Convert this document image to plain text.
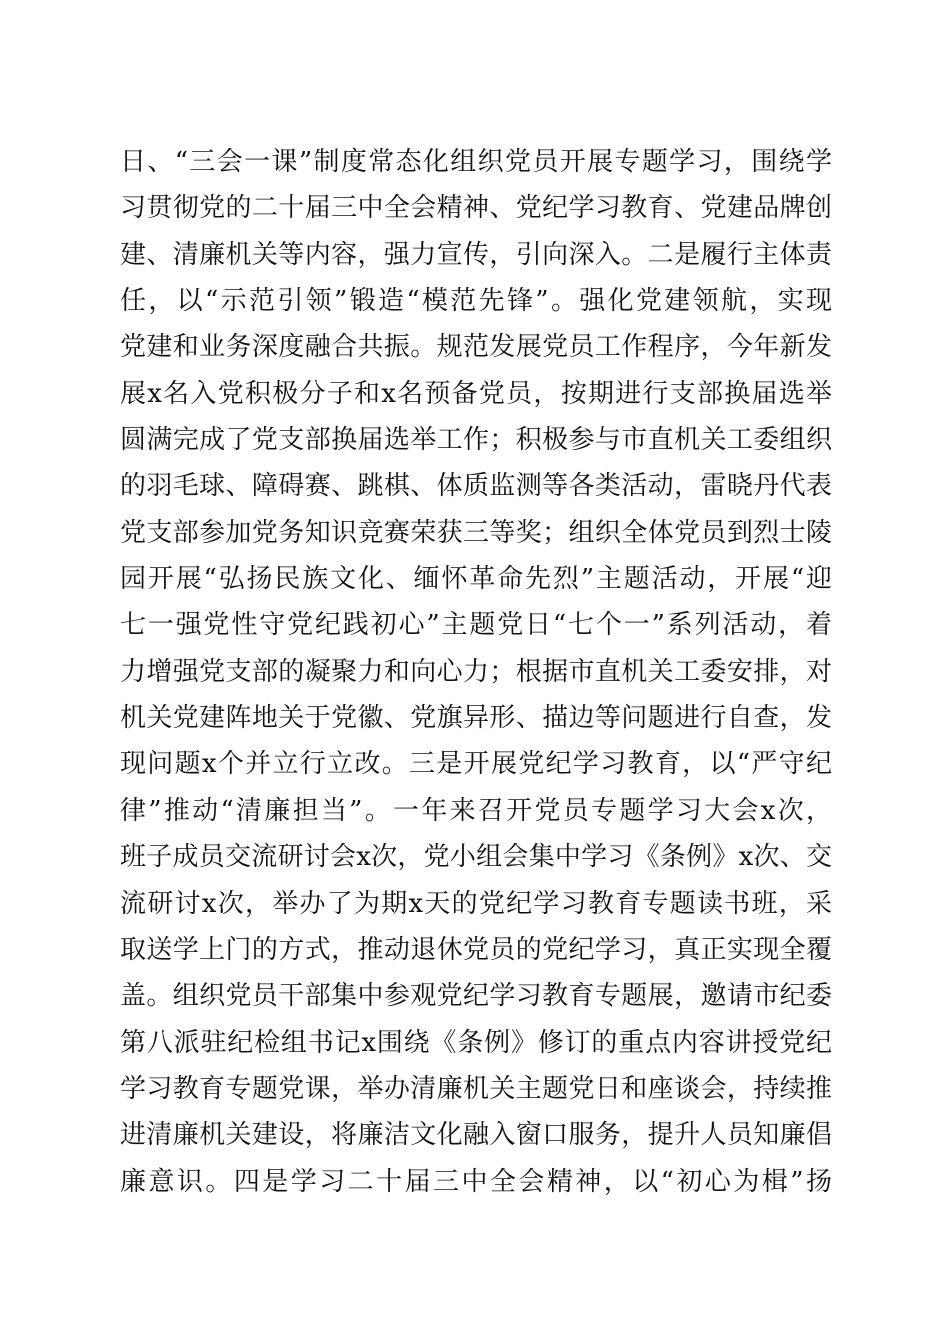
日、“三会一课”制度常态化组织党员开展专题学习，围绕学
习贯彻党的二十届三中全会精神、党纪学习教育、党建品牌创
建、清廉机关等内容，强力宣传，引向深入。二是履行主体责
任，以“示范引领”锻造“模范先锋”。强化党建领航，实现
党建和业务深度融合共振。规范发展党员工作程序，今年新发
展x名入党积极分子和x名预备党员，按期进行支部换届选举
圆满完成了党支部换届选举工作；积极参与市直机关工委组织
的羽毛球、障碍赛、跳棋、体质监测等各类活动，雷晓丹代表
党支部参加党务知识竞赛荣获三等奖；组织全体党员到烈士陵
园开展“弘扬民族文化、缅怀革命先烈”主题活动，开展“迎
七一强党性守党纪践初心”主题党日“七个一”系列活动，着
力增强党支部的凝聚力和向心力；根据市直机关工委安排，对
机关党建阵地关于党徽、党旗异形、描边等问题进行自查，发
现问题x个并立行立改。三是开展党纪学习教育，以“严守纪
律”推动“清廉担当”。一年来召开党员专题学习大会x次，
班子成员交流研讨会x次，党小组会集中学习《条例》x次、交
流研讨x次，举办了为期x天的党纪学习教育专题读书班，采
取送学上门的方式，推动退休党员的党纪学习，真正实现全覆
盖。组织党员干部集中参观党纪学习教育专题展，邀请市纪委
第八派驻纪检组书记x围绕《条例》修订的重点内容讲授党纪
学习教育专题党课，举办清廉机关主题党日和座谈会，持续推
进清廉机关建设，将廉洁文化融入窗口服务，提升人员知廉倡
廉意识。四是学习二十届三中全会精神，以“初心为楫”扬
